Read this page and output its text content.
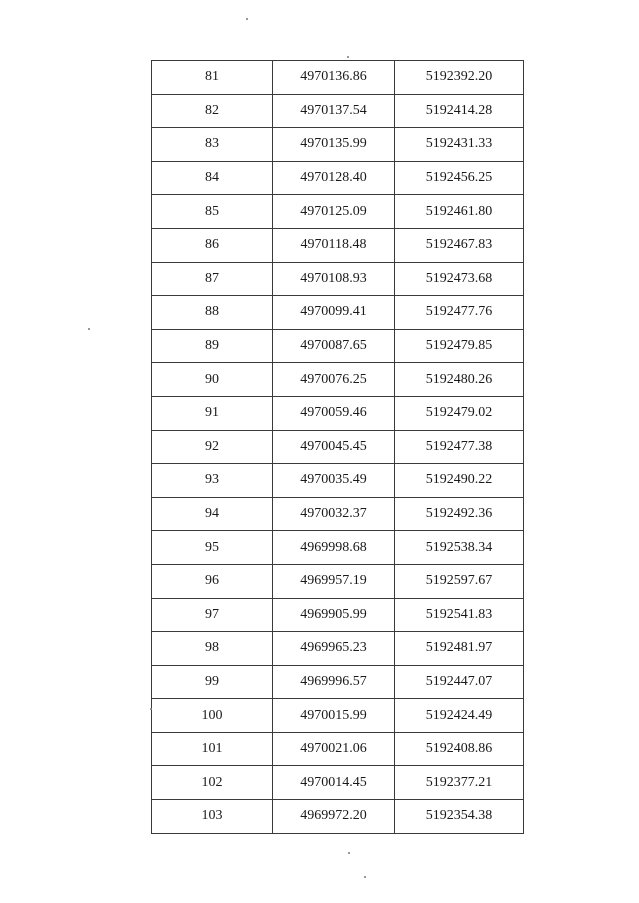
81	4970136.86	5192392.20
82	4970137.54	5192414.28
83	4970135.99	5192431.33
84	4970128.40	5192456.25
85	4970125.09	5192461.80
86	4970118.48	5192467.83
87	4970108.93	5192473.68
88	4970099.41	5192477.76
89	4970087.65	5192479.85
90	4970076.25	5192480.26
91	4970059.46	5192479.02
92	4970045.45	5192477.38
93	4970035.49	5192490.22
94	4970032.37	5192492.36
95	4969998.68	5192538.34
96	4969957.19	5192597.67
97	4969905.99	5192541.83
98	4969965.23	5192481.97
99	4969996.57	5192447.07
100	4970015.99	5192424.49
101	4970021.06	5192408.86
102	4970014.45	5192377.21
103	4969972.20	5192354.38
